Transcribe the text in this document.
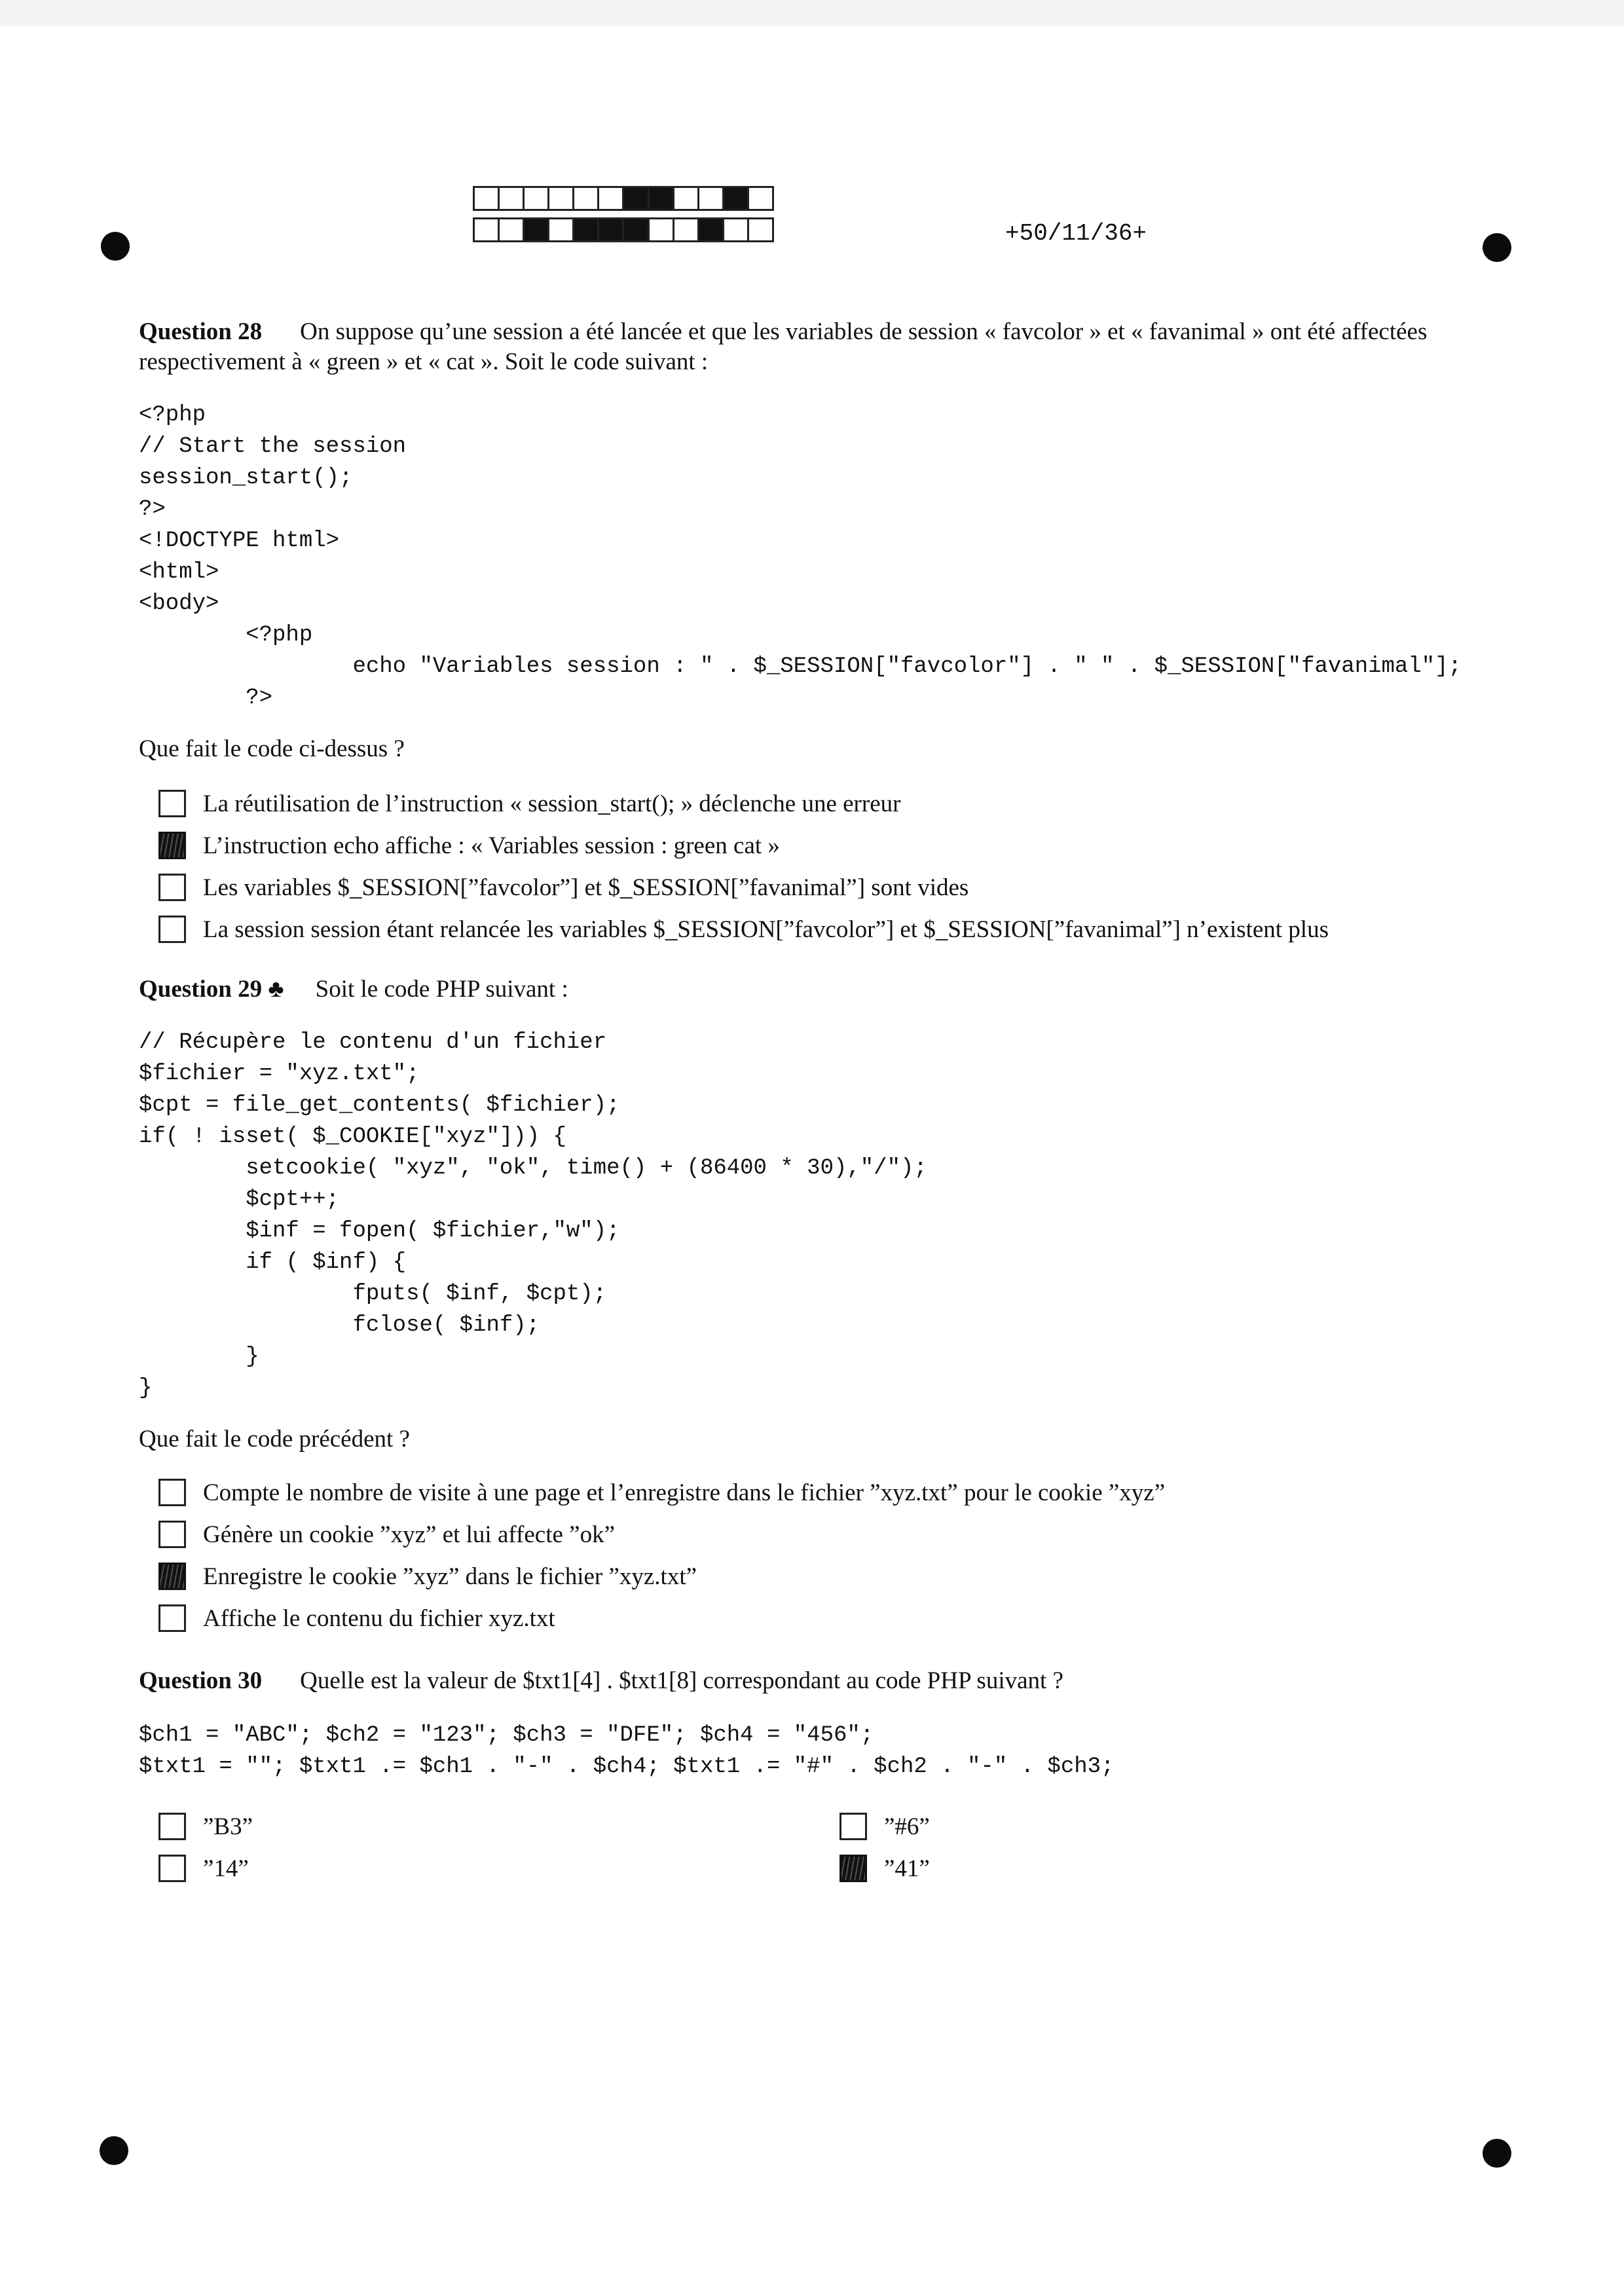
+50/11/36+
Question 28 On suppose qu’une session a été lancée et que les variables de session « favcolor » et « favanimal » ont été affectées respectivement à « green » et « cat ». Soit le code suivant :
<?php
// Start the session
session_start();
?>
<!DOCTYPE html>
<html>
<body>
<?php
echo "Variables session : " . $_SESSION["favcolor"] . " " . $_SESSION["favanimal"];
?>
Que fait le code ci-dessus ?
La réutilisation de l’instruction « session_start(); » déclenche une erreur
L’instruction echo affiche : « Variables session : green cat »
Les variables $_SESSION[”favcolor”] et $_SESSION[”favanimal”] sont vides
La session session étant relancée les variables $_SESSION[”favcolor”] et $_SESSION[”favanimal”] n’existent plus
Question 29 ♣ Soit le code PHP suivant :
// Récupère le contenu d'un fichier
$fichier = "xyz.txt";
$cpt = file_get_contents( $fichier);
if( ! isset( $_COOKIE["xyz"])) {
setcookie( "xyz", "ok", time() + (86400 * 30),"/");
$cpt++;
$inf = fopen( $fichier,"w");
if ( $inf) {
fputs( $inf, $cpt);
fclose( $inf);
}
}
Que fait le code précédent ?
Compte le nombre de visite à une page et l’enregistre dans le fichier ”xyz.txt” pour le cookie ”xyz”
Génère un cookie ”xyz” et lui affecte ”ok”
Enregistre le cookie ”xyz” dans le fichier ”xyz.txt”
Affiche le contenu du fichier xyz.txt
Question 30 Quelle est la valeur de $txt1[4] . $txt1[8] correspondant au code PHP suivant ?
$ch1 = "ABC"; $ch2 = "123"; $ch3 = "DFE"; $ch4 = "456";
$txt1 = ""; $txt1 .= $ch1 . "-" . $ch4; $txt1 .= "#" . $ch2 . "-" . $ch3;
”B3”	”#6”
”14”	”41”
